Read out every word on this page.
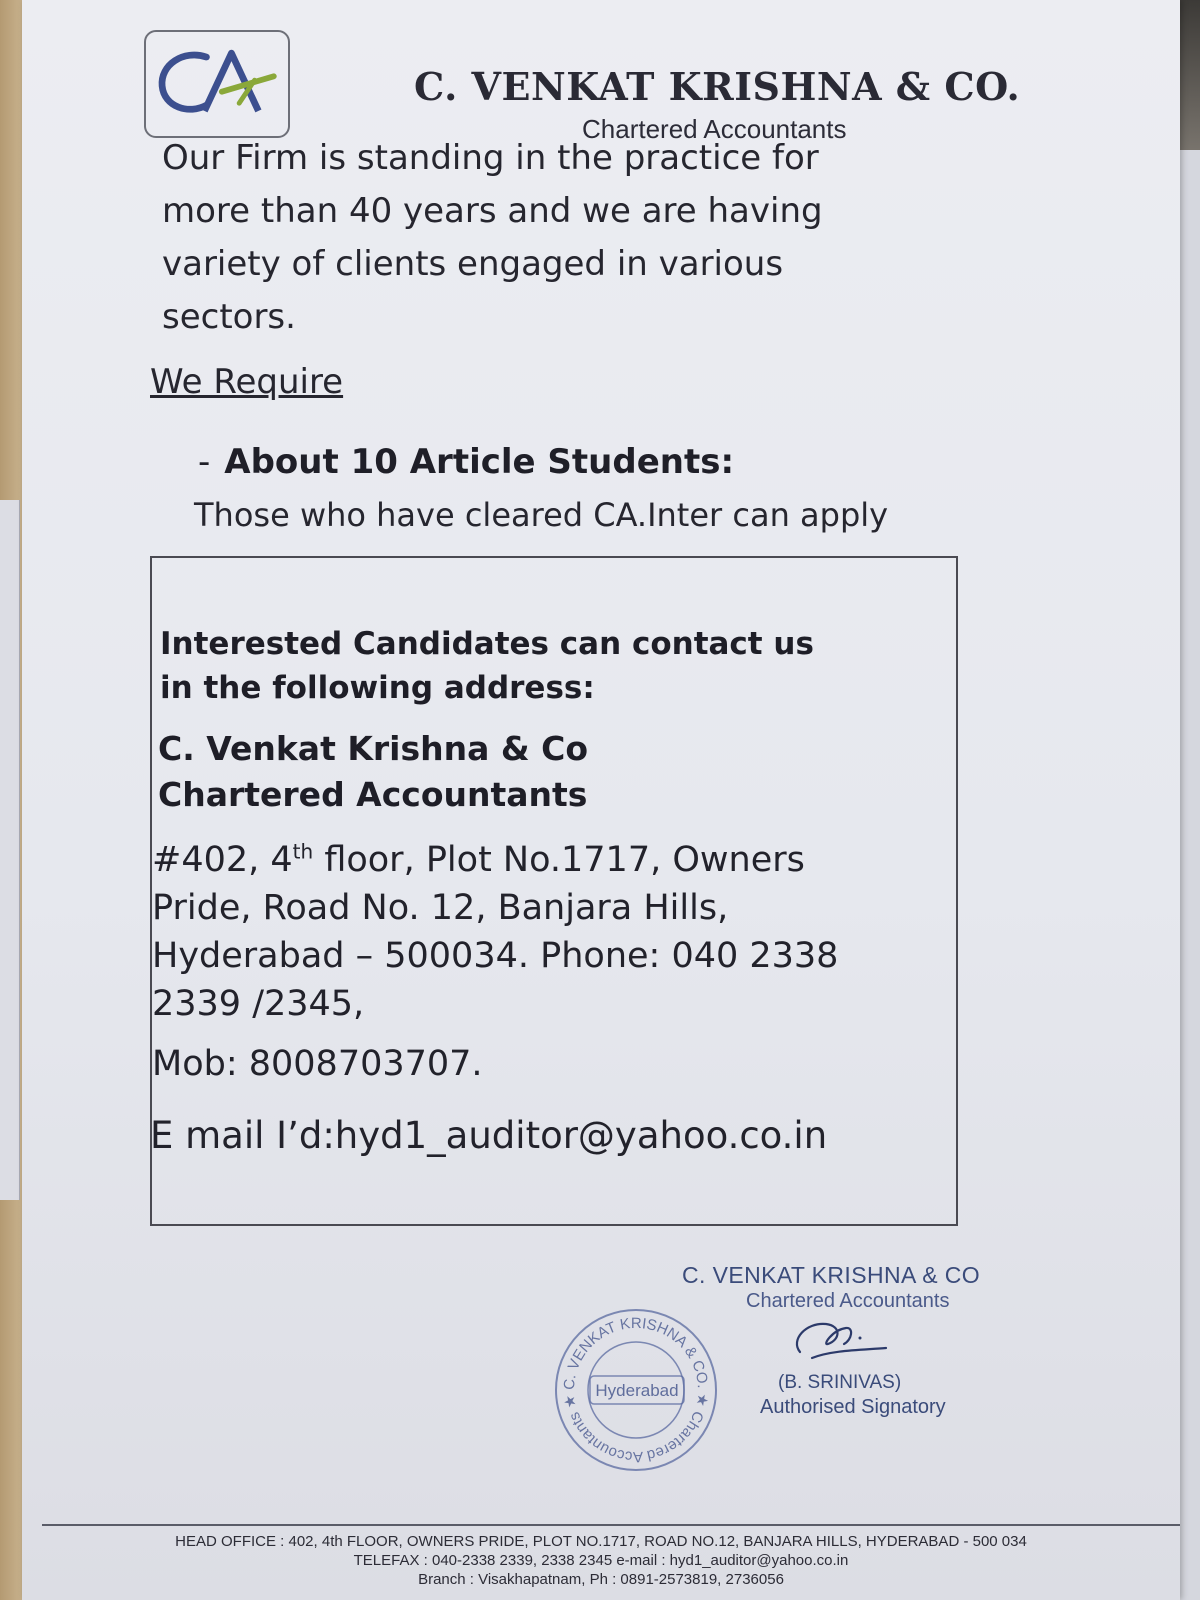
C. VENKAT KRISHNA & CO.
Chartered Accountants
Our Firm is standing in the practice for
more than 40 years and we are having
variety of clients engaged in various
sectors.
We Require
- About 10 Article Students:
Those who have cleared CA.Inter can apply
Interested Candidates can contact us
in the following address:
C. Venkat Krishna & Co
Chartered Accountants
#402, 4th floor, Plot No.1717, Owners
Pride, Road No. 12, Banjara Hills,
Hyderabad – 500034. Phone: 040 2338
2339 /2345,
Mob: 8008703707.
E mail I’d:hyd1_auditor@yahoo.co.in
C. VENKAT KRISHNA & CO. ★ Chartered Accountants ★
Hyderabad
C. VENKAT KRISHNA & CO
Chartered Accountants
(B. SRINIVAS)
Authorised Signatory
HEAD OFFICE : 402, 4th FLOOR, OWNERS PRIDE, PLOT NO.1717, ROAD NO.12, BANJARA HILLS, HYDERABAD - 500 034
TELEFAX : 040-2338 2339, 2338 2345 e-mail : hyd1_auditor@yahoo.co.in
Branch : Visakhapatnam, Ph : 0891-2573819, 2736056
